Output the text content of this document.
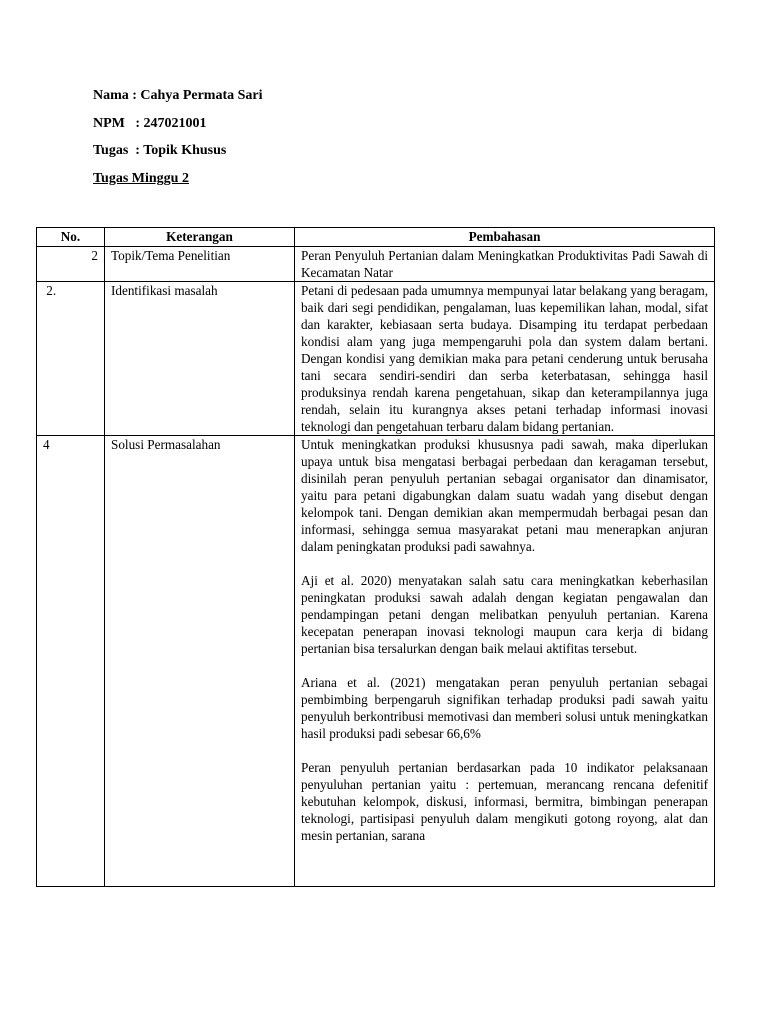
Nama : Cahya Permata Sari
NPM   : 247021001
Tugas  : Topik Khusus
Tugas Minggu 2
No.	Keterangan	Pembahasan
2	Topik/Tema Penelitian	Peran Penyuluh Pertanian dalam Meningkatkan Produktivitas Padi Sawah di Kecamatan Natar

2.	Identifikasi masalah	Petani di pedesaan pada umumnya mempunyai latar belakang yang beragam, baik dari segi pendidikan, pengalaman, luas kepemilikan lahan, modal, sifat dan karakter, kebiasaan serta budaya. Disamping itu terdapat perbedaan kondisi alam yang juga mempengaruhi pola dan system dalam bertani. Dengan kondisi yang demikian maka para petani cenderung untuk berusaha tani secara sendiri-sendiri dan serba keterbatasan, sehingga hasil produksinya rendah karena pengetahuan, sikap dan keterampilannya juga rendah, selain itu kurangnya akses petani terhadap informasi inovasi teknologi dan pengetahuan terbaru dalam bidang pertanian.

4	Solusi Permasalahan	Untuk meningkatkan produksi khususnya padi sawah, maka diperlukan upaya untuk bisa mengatasi berbagai perbedaan dan keragaman tersebut, disinilah peran penyuluh pertanian sebagai organisator dan dinamisator, yaitu para petani digabungkan dalam suatu wadah yang disebut dengan kelompok tani. Dengan demikian akan mempermudah berbagai pesan dan informasi, sehingga semua masyarakat petani mau menerapkan anjuran dalam peningkatan produksi padi sawahnya.

Aji et al. 2020) menyatakan salah satu cara meningkatkan keberhasilan peningkatan produksi sawah adalah dengan kegiatan pengawalan dan pendampingan petani dengan melibatkan penyuluh pertanian. Karena kecepatan penerapan inovasi teknologi maupun cara kerja di bidang pertanian bisa tersalurkan dengan baik melaui aktifitas tersebut.

Ariana et al. (2021) mengatakan peran penyuluh pertanian sebagai pembimbing berpengaruh signifikan terhadap produksi padi sawah yaitu penyuluh berkontribusi memotivasi dan memberi solusi untuk meningkatkan hasil produksi padi sebesar 66,6%

Peran penyuluh pertanian berdasarkan pada 10 indikator pelaksanaan penyuluhan pertanian yaitu : pertemuan, merancang rencana defenitif kebutuhan kelompok, diskusi, informasi, bermitra, bimbingan penerapan teknologi, partisipasi penyuluh dalam mengikuti gotong royong, alat dan mesin pertanian, sarana
